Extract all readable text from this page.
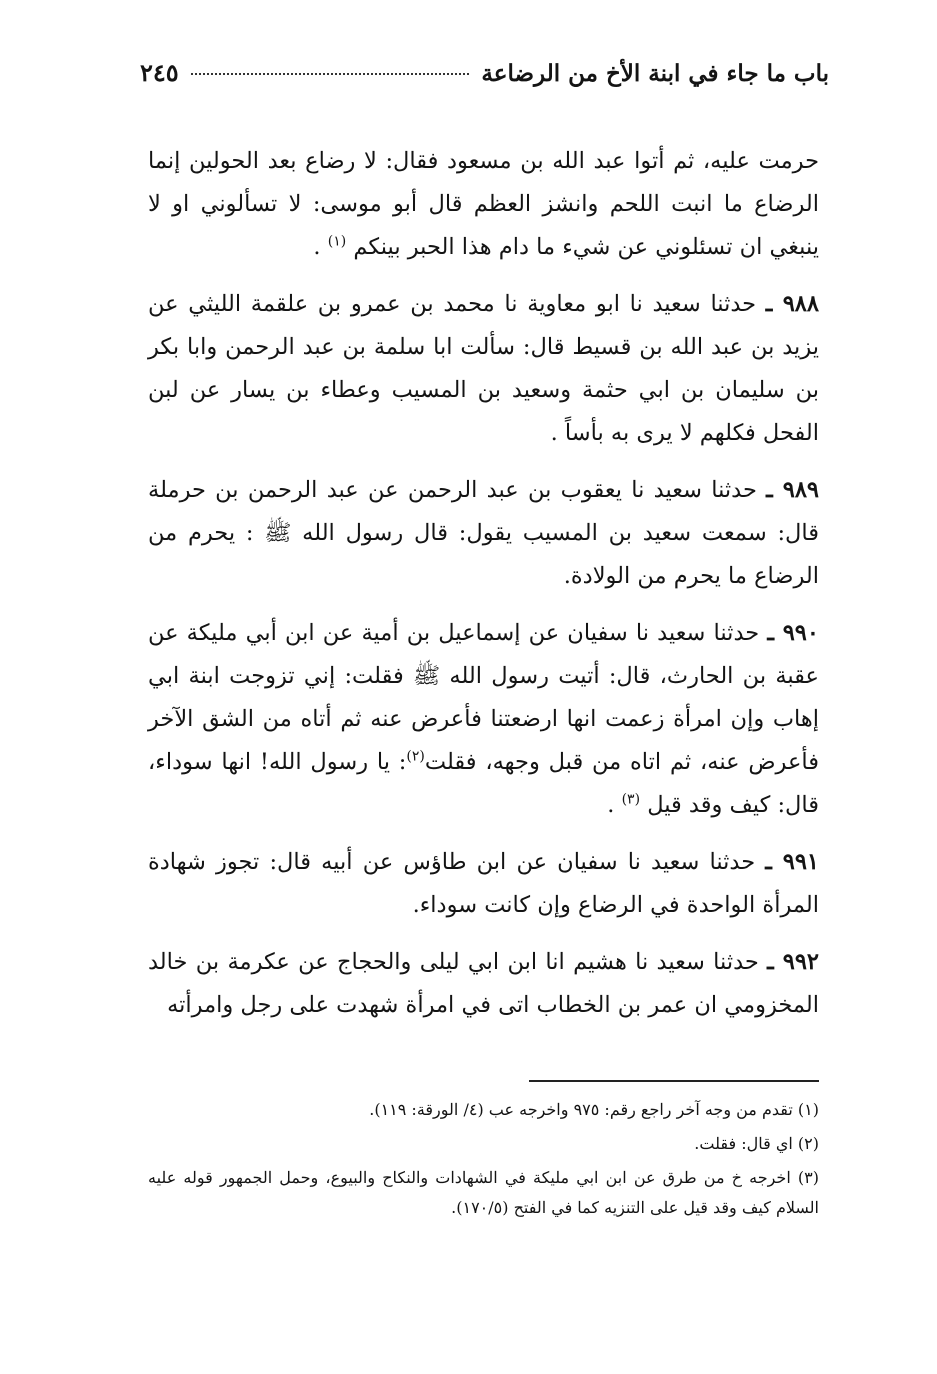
باب ما جاء في ابنة الأخ من الرضاعة
٢٤٥

حرمت عليه، ثم أتوا عبد الله بن مسعود فقال: لا رضاع بعد الحولين إنما الرضاع ما انبت اللحم وانشز العظم قال أبو موسى: لا تسألوني او لا ينبغي ان تسئلوني عن شيء ما دام هذا الحبر بينكم $^{(١)}$ .

٩٨٨ ـ حدثنا سعيد نا ابو معاوية نا محمد بن عمرو بن علقمة الليثي عن يزيد بن عبد الله بن قسيط قال: سألت ابا سلمة بن عبد الرحمن وابا بكر بن سليمان بن ابي حثمة وسعيد بن المسيب وعطاء بن يسار عن لبن الفحل فكلهم لا يرى به بأساً .

٩٨٩ ـ حدثنا سعيد نا يعقوب بن عبد الرحمن عن عبد الرحمن بن حرملة قال: سمعت سعيد بن المسيب يقول: قال رسول الله ﷺ : يحرم من الرضاع ما يحرم من الولادة.

٩٩٠ ـ حدثنا سعيد نا سفيان عن إسماعيل بن أمية عن ابن أبي مليكة عن عقبة بن الحارث، قال: أتيت رسول الله ﷺ فقلت: إني تزوجت ابنة ابي إهاب وإن امرأة زعمت انها ارضعتنا فأعرض عنه ثم أتاه من الشق الآخر فأعرض عنه، ثم اتاه من قبل وجهه، فقلت$^{(٢)}$: يا رسول الله! انها سوداء، قال: كيف وقد قيل $^{(٣)}$ .

٩٩١ ـ حدثنا سعيد نا سفيان عن ابن طاؤس عن أبيه قال: تجوز شهادة المرأة الواحدة في الرضاع وإن كانت سوداء.

٩٩٢ ـ حدثنا سعيد نا هشيم انا ابن ابي ليلى والحجاج عن عكرمة بن خالد المخزومي ان عمر بن الخطاب اتى في امرأة شهدت على رجل وامرأته

(١) تقدم من وجه آخر راجع رقم: ٩٧٥ واخرجه عب (٤/ الورقة: ١١٩).

(٢) اي قال: فقلت.

(٣) اخرجه خ من طرق عن ابن ابي مليكة في الشهادات والنكاح والبيوع، وحمل الجمهور قوله عليه السلام كيف وقد قيل على التنزيه كما في الفتح (١٧٠/٥).
